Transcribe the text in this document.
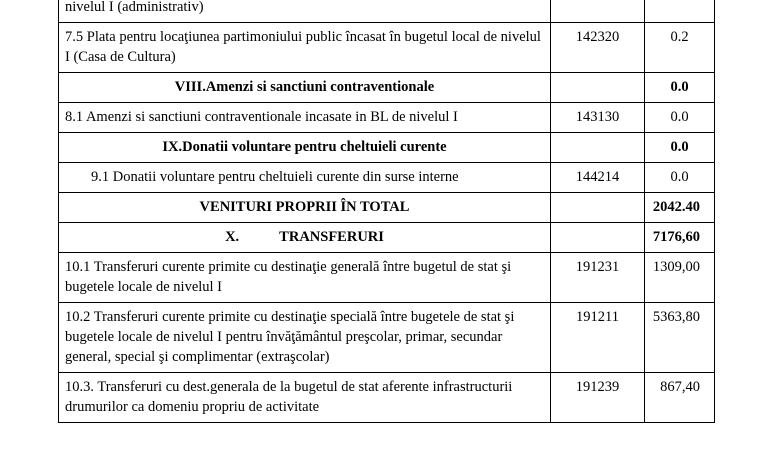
nivelul I (administrativ)		
7.5 Plata pentru locaţiunea partimoniului public încasat în bugetul local de nivelul I (Casa de Cultura)	142320	0.2
VIII.Amenzi si sanctiuni contraventionale		0.0
8.1 Amenzi si sanctiuni contraventionale incasate in BL de nivelul I	143130	0.0
IX.Donatii voluntare pentru cheltuieli curente		0.0
9.1 Donatii voluntare pentru cheltuieli curente din surse interne	144214	0.0
VENITURI PROPRII ÎN TOTAL		2042.40
X. TRANSFERURI		7176,60
10.1 Transferuri curente primite cu destinaţie generală între bugetul de stat şi bugetele locale de nivelul I	191231	1309,00
10.2 Transferuri curente primite cu destinaţie specială între bugetele de stat şi bugetele locale de nivelul I pentru învăţământul preşcolar, primar, secundar general, special şi complimentar (extraşcolar)	191211	5363,80
10.3. Transferuri cu dest.generala de la bugetul de stat aferente infrastructurii drumurilor ca domeniu propriu de activitate	191239	867,40
